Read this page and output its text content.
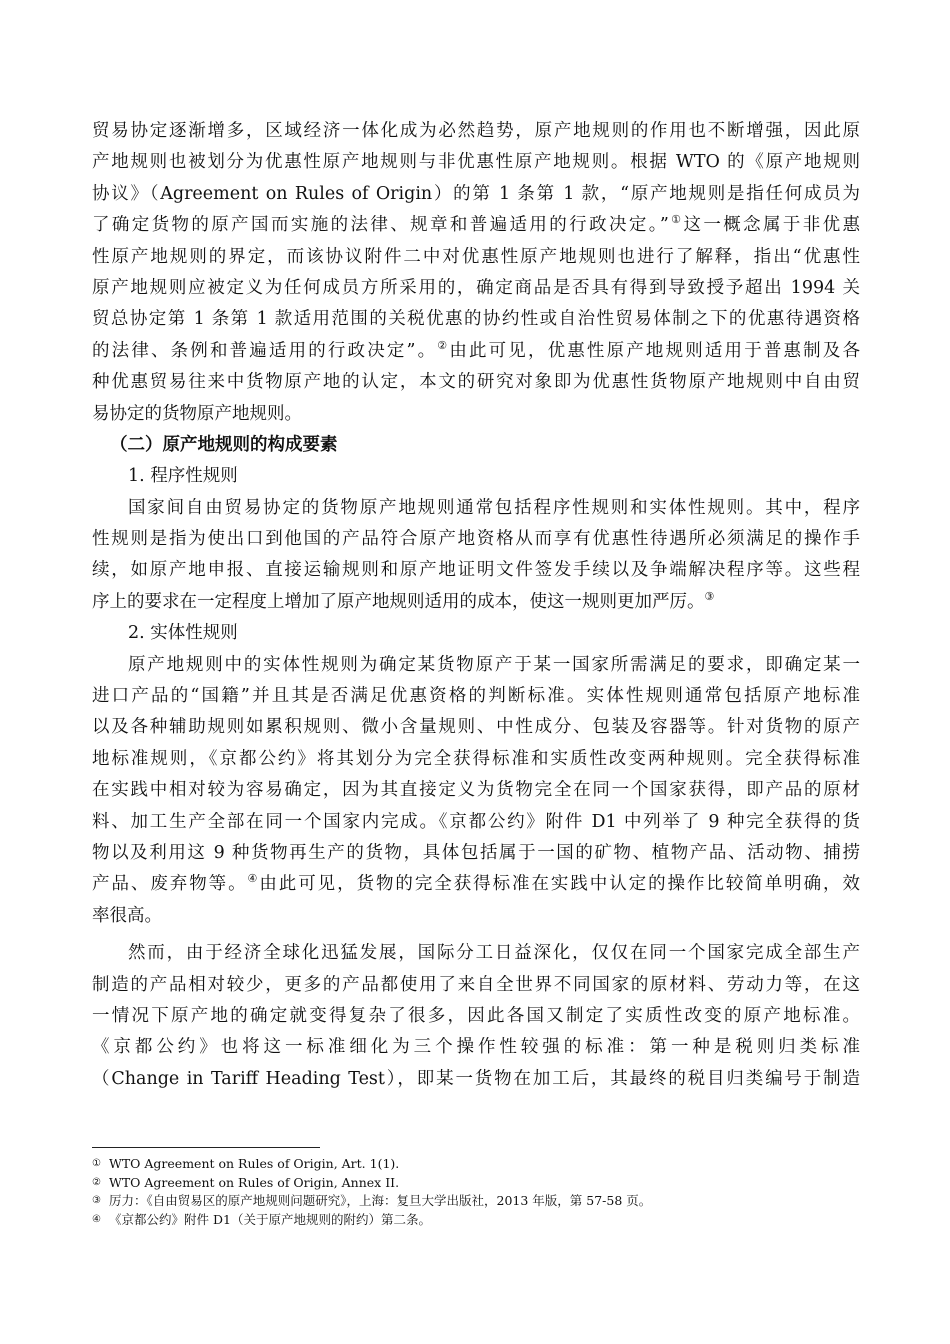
贸易协定逐渐增多，区域经济一体化成为必然趋势，原产地规则的作用也不断增强，因此原
产地规则也被划分为优惠性原产地规则与非优惠性原产地规则。根据 WTO 的《原产地规则
协议》（Agreement on Rules of Origin）的第 1 条第 1 款，“原产地规则是指任何成员为
了确定货物的原产国而实施的法律、规章和普遍适用的行政决定。”①这一概念属于非优惠
性原产地规则的界定，而该协议附件二中对优惠性原产地规则也进行了解释，指出“优惠性
原产地规则应被定义为任何成员方所采用的，确定商品是否具有得到导致授予超出 1994 关
贸总协定第 1 条第 1 款适用范围的关税优惠的协约性或自治性贸易体制之下的优惠待遇资格
的法律、条例和普遍适用的行政决定”。②由此可见，优惠性原产地规则适用于普惠制及各
种优惠贸易往来中货物原产地的认定，本文的研究对象即为优惠性货物原产地规则中自由贸
易协定的货物原产地规则。
（二）原产地规则的构成要素
1. 程序性规则
国家间自由贸易协定的货物原产地规则通常包括程序性规则和实体性规则。其中，程序
性规则是指为使出口到他国的产品符合原产地资格从而享有优惠性待遇所必须满足的操作手
续，如原产地申报、直接运输规则和原产地证明文件签发手续以及争端解决程序等。这些程
序上的要求在一定程度上增加了原产地规则适用的成本，使这一规则更加严厉。③
2. 实体性规则
原产地规则中的实体性规则为确定某货物原产于某一国家所需满足的要求，即确定某一
进口产品的“国籍”并且其是否满足优惠资格的判断标准。实体性规则通常包括原产地标准
以及各种辅助规则如累积规则、微小含量规则、中性成分、包装及容器等。针对货物的原产
地标准规则，《京都公约》将其划分为完全获得标准和实质性改变两种规则。完全获得标准
在实践中相对较为容易确定，因为其直接定义为货物完全在同一个国家获得，即产品的原材
料、加工生产全部在同一个国家内完成。《京都公约》附件 D1 中列举了 9 种完全获得的货
物以及利用这 9 种货物再生产的货物，具体包括属于一国的矿物、植物产品、活动物、捕捞
产品、废弃物等。④由此可见，货物的完全获得标准在实践中认定的操作比较简单明确，效
率很高。
然而，由于经济全球化迅猛发展，国际分工日益深化，仅仅在同一个国家完成全部生产
制造的产品相对较少，更多的产品都使用了来自全世界不同国家的原材料、劳动力等，在这
一情况下原产地的确定就变得复杂了很多，因此各国又制定了实质性改变的原产地标准。
《京都公约》也将这一标准细化为三个操作性较强的标准：第一种是税则归类标准
（Change in Tariff Heading Test），即某一货物在加工后，其最终的税目归类编号于制造
① WTO Agreement on Rules of Origin, Art. 1(1).
② WTO Agreement on Rules of Origin, Annex II.
③ 厉力：《自由贸易区的原产地规则问题研究》，上海：复旦大学出版社，2013 年版，第 57-58 页。
④ 《京都公约》附件 D1（关于原产地规则的附约）第二条。
